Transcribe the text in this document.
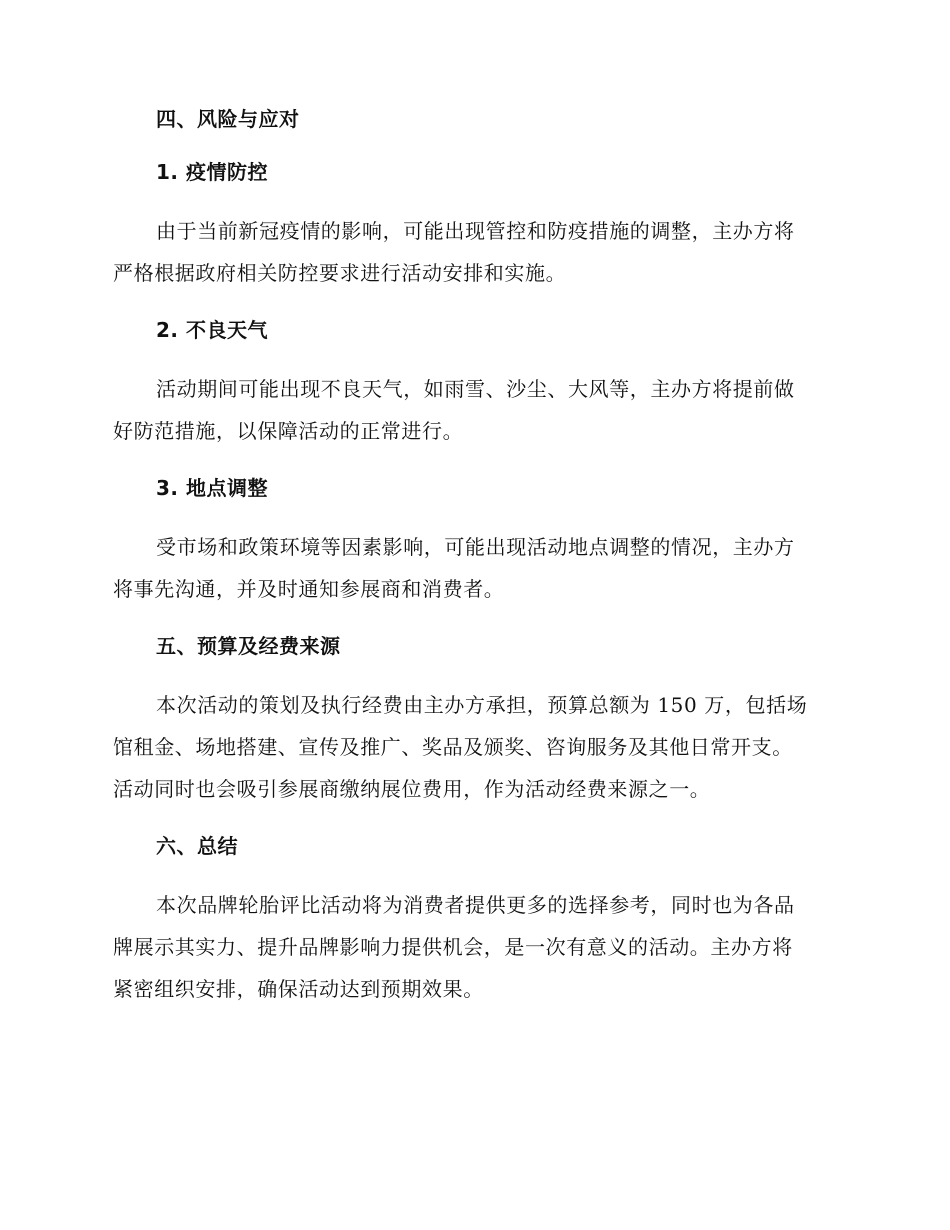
四、风险与应对
1. 疫情防控

由于当前新冠疫情的影响，可能出现管控和防疫措施的调整，主办方将
严格根据政府相关防控要求进行活动安排和实施。

2. 不良天气

活动期间可能出现不良天气，如雨雪、沙尘、大风等，主办方将提前做
好防范措施，以保障活动的正常进行。

3. 地点调整

受市场和政策环境等因素影响，可能出现活动地点调整的情况，主办方
将事先沟通，并及时通知参展商和消费者。

五、预算及经费来源

本次活动的策划及执行经费由主办方承担，预算总额为 150 万，包括场
馆租金、场地搭建、宣传及推广、奖品及颁奖、咨询服务及其他日常开支。
活动同时也会吸引参展商缴纳展位费用，作为活动经费来源之一。

六、总结

本次品牌轮胎评比活动将为消费者提供更多的选择参考，同时也为各品
牌展示其实力、提升品牌影响力提供机会，是一次有意义的活动。主办方将
紧密组织安排，确保活动达到预期效果。
